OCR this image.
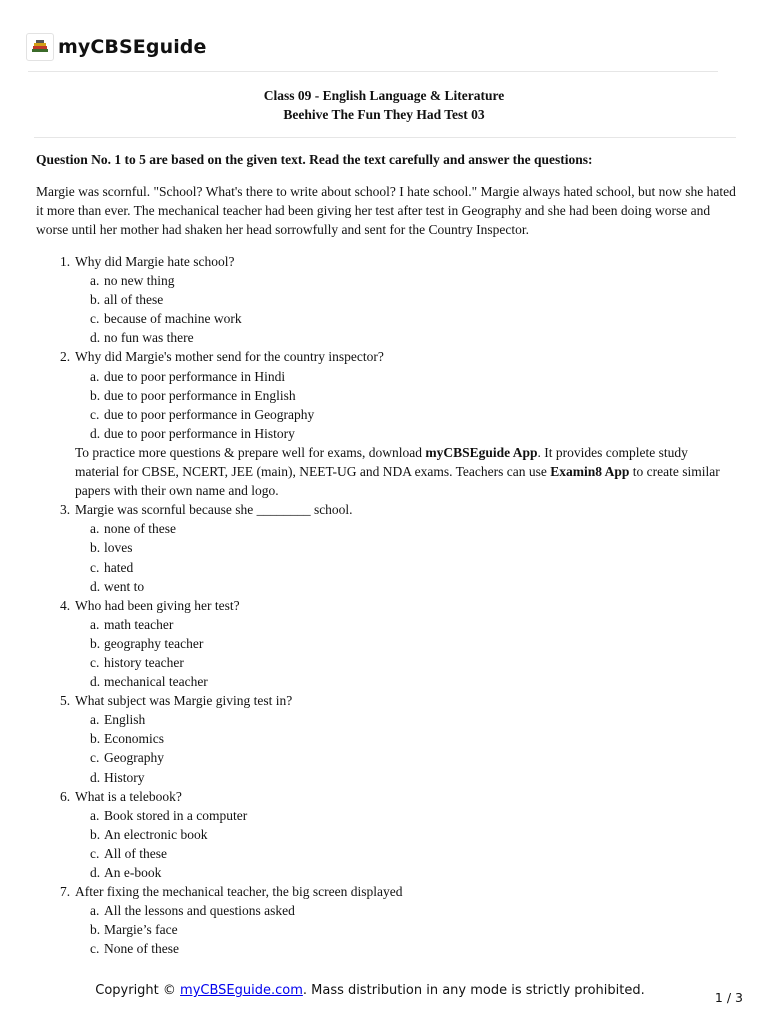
myCBSEguide
Class 09 - English Language & Literature
Beehive The Fun They Had Test 03
Question No. 1 to 5 are based on the given text. Read the text carefully and answer the questions:
Margie was scornful. "School? What's there to write about school? I hate school." Margie always hated school, but now she hated it more than ever. The mechanical teacher had been giving her test after test in Geography and she had been doing worse and worse until her mother had shaken her head sorrowfully and sent for the Country Inspector.
1 . Why did Margie hate school?
a . no new thing
b . all of these
c . because of machine work
d . no fun was there
2 . Why did Margie's mother send for the country inspector?
a . due to poor performance in Hindi
b . due to poor performance in English
c . due to poor performance in Geography
d . due to poor performance in History
To practice more questions & prepare well for exams, download myCBSEguide App. It provides complete study material for CBSE, NCERT, JEE (main), NEET-UG and NDA exams. Teachers can use Examin8 App to create similar papers with their own name and logo.
3 . Margie was scornful because she ________ school.
a . none of these
b . loves
c . hated
d . went to
4 . Who had been giving her test?
a . math teacher
b . geography teacher
c . history teacher
d . mechanical teacher
5 . What subject was Margie giving test in?
a . English
b . Economics
c . Geography
d . History
6 . What is a telebook?
a . Book stored in a computer
b . An electronic book
c . All of these
d . An e-book
7 . After fixing the mechanical teacher, the big screen displayed
a . All the lessons and questions asked
b . Margie’s face
c . None of these
Copyright © myCBSEguide.com. Mass distribution in any mode is strictly prohibited.	1 / 3
